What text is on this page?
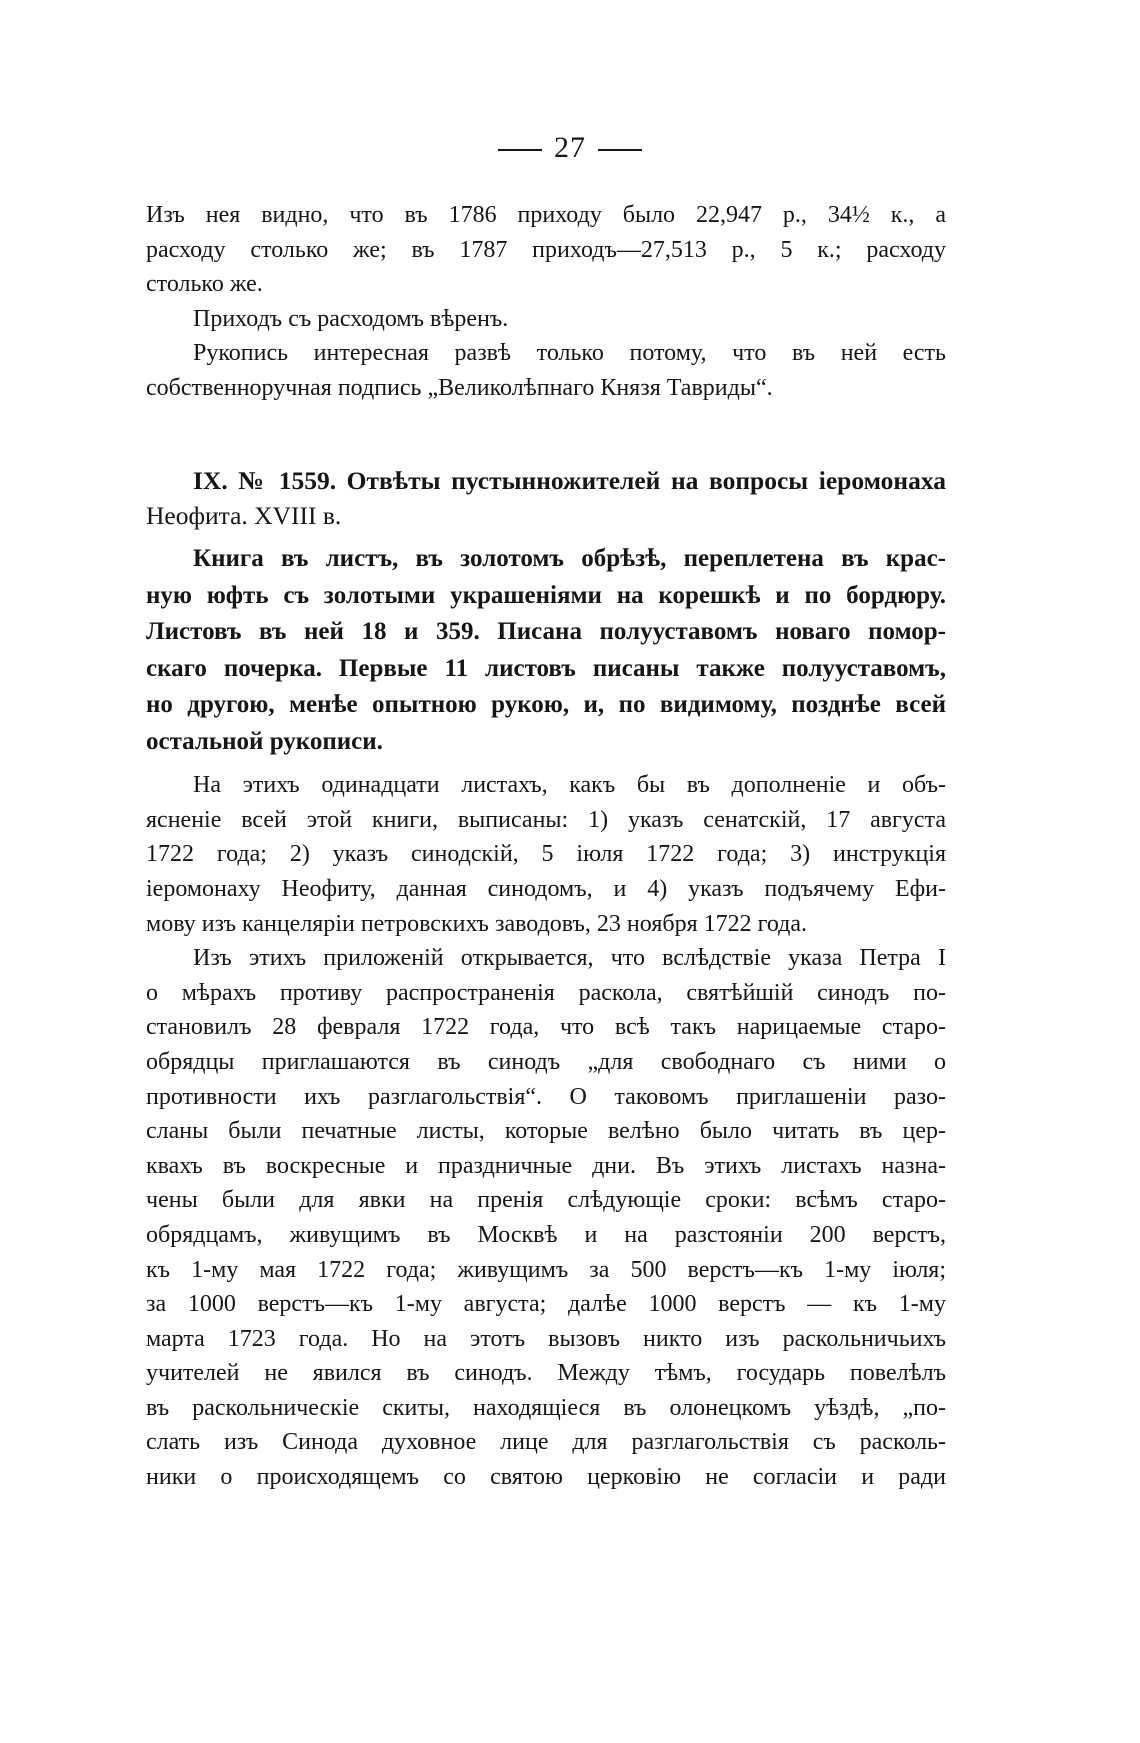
27
Изъ нея видно, что въ 1786 приходу было 22,947 р., 34½ к., а
расходу столько же; въ 1787 приходъ—27,513 р., 5 к.; расходу
столько же.
Приходъ съ расходомъ вѣренъ.
Рукопись интересная развѣ только потому, что въ ней есть
собственноручная подпись „Великолѣпнаго Князя Тавриды“.
IX. № 1559. Отвѣты пустынножителей на вопросы іеромонаха
Неофита. XVIII в.
Книга въ листъ, въ золотомъ обрѣзѣ, переплетена въ крас-
ную юфть съ золотыми украшеніями на корешкѣ и по бордюру.
Листовъ въ ней 18 и 359. Писана полууставомъ новаго помор-
скаго почерка. Первые 11 листовъ писаны также полууставомъ,
но другою, менѣе опытною рукою, и, по видимому, позднѣе всей
остальной рукописи.
На этихъ одинадцати листахъ, какъ бы въ дополненіе и объ-
ясненіе всей этой книги, выписаны: 1) указъ сенатскій, 17 августа
1722 года; 2) указъ синодскій, 5 іюля 1722 года; 3) инструкція
іеромонаху Неофиту, данная синодомъ, и 4) указъ подъячему Ефи-
мову изъ канцеляріи петровскихъ заводовъ, 23 ноября 1722 года.
Изъ этихъ приложеній открывается, что вслѣдствіе указа Петра I
о мѣрахъ противу распространенія раскола, святѣйшій синодъ по-
становилъ 28 февраля 1722 года, что всѣ такъ нарицаемые старо-
обрядцы приглашаются въ синодъ „для свободнаго съ ними о
противности ихъ разглагольствія“. О таковомъ приглашеніи разо-
сланы были печатные листы, которые велѣно было читать въ цер-
квахъ въ воскресные и праздничные дни. Въ этихъ листахъ назна-
чены были для явки на пренія слѣдующіе сроки: всѣмъ старо-
обрядцамъ, живущимъ въ Москвѣ и на разстояніи 200 верстъ,
къ 1-му мая 1722 года; живущимъ за 500 верстъ—къ 1-му іюля;
за 1000 верстъ—къ 1-му августа; далѣе 1000 верстъ — къ 1-му
марта 1723 года. Но на этотъ вызовъ никто изъ раскольничьихъ
учителей не явился въ синодъ. Между тѣмъ, государь повелѣлъ
въ раскольническіе скиты, находящіеся въ олонецкомъ уѣздѣ, „по-
слать изъ Синода духовное лице для разглагольствія съ расколь-
ники о происходящемъ со святою церковію не согласіи и ради
